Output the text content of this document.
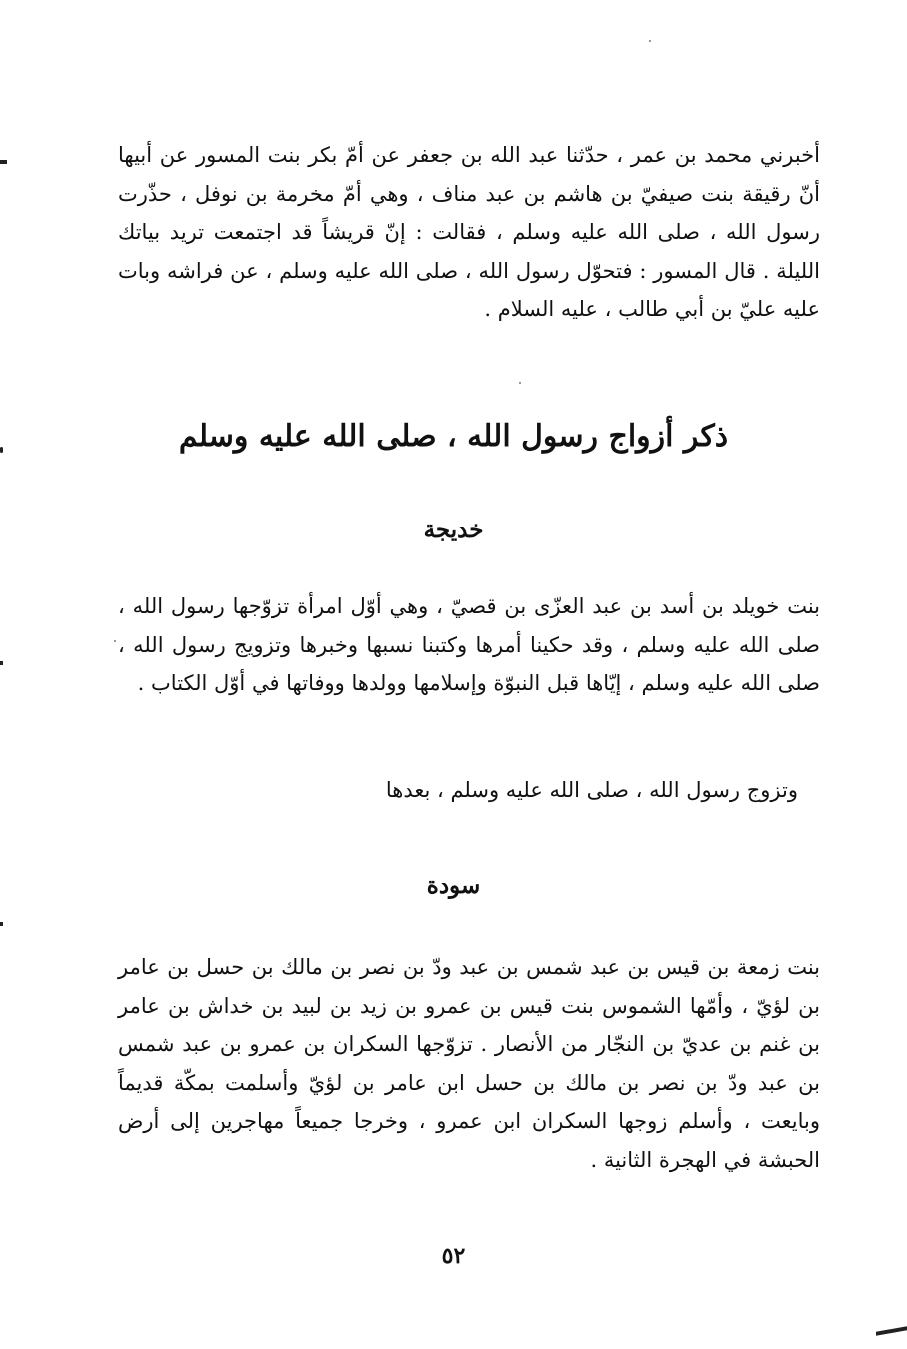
أخبرني محمد بن عمر ، حدّثنا عبد الله بن جعفر عن أمّ بكر بنت المسور عن أبيها أنّ رقيقة بنت صيفيّ بن هاشم بن عبد مناف ، وهي أمّ مخرمة بن نوفل ، حذّرت رسول الله ، صلى الله عليه وسلم ، فقالت : إنّ قريشاً قد اجتمعت تريد بياتك الليلة . قال المسور : فتحوّل رسول الله ، صلى الله عليه وسلم ، عن فراشه وبات عليه عليّ بن أبي طالب ، عليه السلام .

ذكر أزواج رسول الله ، صلى الله عليه وسلم
خديجة

بنت خويلد بن أسد بن عبد العزّى بن قصيّ ، وهي أوّل امرأة تزوّجها رسول الله ، صلى الله عليه وسلم ، وقد حكينا أمرها وكتبنا نسبها وخبرها وتزويج رسول الله ، صلى الله عليه وسلم ، إيّاها قبل النبوّة وإسلامها وولدها ووفاتها في أوّل الكتاب .

وتزوج رسول الله ، صلى الله عليه وسلم ، بعدها

سودة

بنت زمعة بن قيس بن عبد شمس بن عبد ودّ بن نصر بن مالك بن حسل بن عامر بن لؤيّ ، وأمّها الشموس بنت قيس بن عمرو بن زيد بن لبيد بن خداش بن عامر بن غنم بن عديّ بن النجّار من الأنصار . تزوّجها السكران بن عمرو بن عبد شمس بن عبد ودّ بن نصر بن مالك بن حسل ابن عامر بن لؤيّ وأسلمت بمكّة قديماً وبايعت ، وأسلم زوجها السكران ابن عمرو ، وخرجا جميعاً مهاجرين إلى أرض الحبشة في الهجرة الثانية .

٥٢
